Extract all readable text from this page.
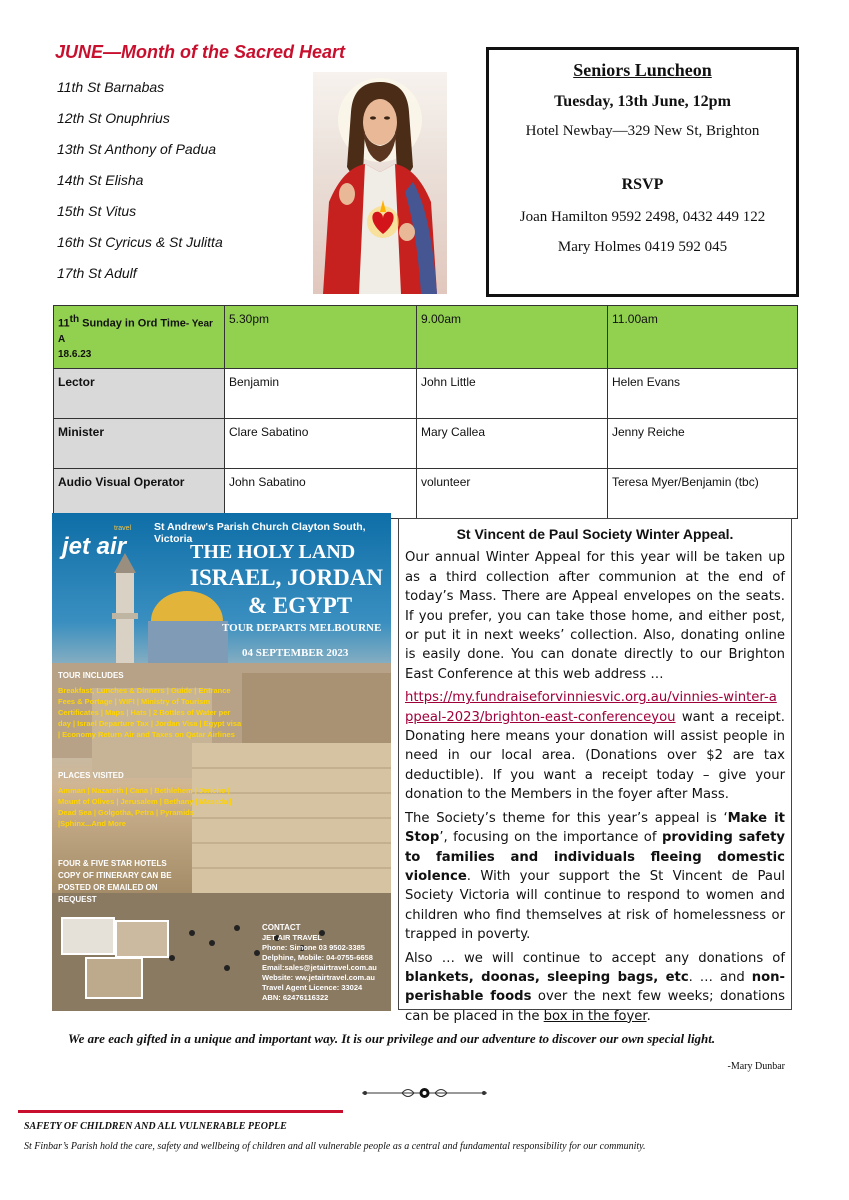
JUNE—Month of the Sacred Heart
11th St Barnabas
12th St Onuphrius
13th St Anthony of Padua
14th St Elisha
15th St Vitus
16th St Cyricus & St Julitta
17th St Adulf
Seniors Luncheon
Tuesday, 13th June, 12pm
Hotel Newbay—329 New St, Brighton
RSVP
Joan Hamilton 9592 2498, 0432 449 122
Mary Holmes 0419 592 045
11th Sunday in Ord Time- Year A
18.6.23	5.30pm	9.00am	11.00am
Lector	Benjamin	John Little	Helen Evans
Minister	Clare Sabatino	Mary Callea	Jenny Reiche
Audio Visual Operator	John Sabatino	volunteer	Teresa Myer/Benjamin (tbc)
jet air
travel St Andrew's Parish Church Clayton South, Victoria
THE HOLY LAND
ISRAEL, JORDAN
& EGYPT
TOUR DEPARTS MELBOURNE
04 SEPTEMBER 2023
TOUR INCLUDES
Breakfast, Lunches & Dinners | Guide | Entrance Fees & Portage | WIFI | Ministry of Tourism Certificates | Maps | Hats | 2 Bottles of Water per day | Israel Departure Tax | Jordan Visa | Egypt visa | Economy Return Air and Taxes on Qatar Airlines
PLACES VISITED
Amman | Nazareth | Cana | Bethlehem | Jericho | Mount of Olives | Jerusalem | Bethany | Masada | Dead Sea | Golgotha, Petra | Pyramids |Sphinx...And More
FOUR & FIVE STAR HOTELS COPY OF ITINERARY CAN BE POSTED OR EMAILED ON REQUEST
CONTACT
JET AIR TRAVEL
Phone: Simone 03 9502-3385
Delphine, Mobile: 04-0755-6658
Email:sales@jetairtravel.com.au
Website: ww.jetairtravel.com.au
Travel Agent Licence: 33024
ABN: 62476116322
St Vincent de Paul Society Winter Appeal.

Our annual Winter Appeal for this year will be taken up as a third collection after communion at the end of today’s Mass. There are Appeal envelopes on the seats. If you prefer, you can take those home, and either post, or put it in next weeks’ collection. Also, donating online is easily done. You can donate directly to our Brighton East Conference at this web address …

https://my.fundraiseforvinniesvic.org.au/vinnies-winter-appeal-2023/brighton-east-conferenceyou want a receipt. Donating here means your donation will assist people in need in our local area. (Donations over $2 are tax deductible). If you want a receipt today – give your donation to the Members in the foyer after Mass.

The Society’s theme for this year’s appeal is ‘Make it Stop’, focusing on the importance of providing safety to families and individuals fleeing domestic violence. With your support the St Vincent de Paul Society Victoria will continue to respond to women and children who find themselves at risk of homelessness or trapped in poverty.

Also … we will continue to accept any donations of blankets, doonas, sleeping bags, etc. … and non-perishable foods over the next few weeks; donations can be placed in the box in the foyer.

We are each gifted in a unique and important way. It is our privilege and our adventure to discover our own special light.
-Mary Dunbar
SAFETY OF CHILDREN AND ALL VULNERABLE PEOPLE
St Finbar’s Parish hold the care, safety and wellbeing of children and all vulnerable people as a central and fundamental responsibility for our community.
